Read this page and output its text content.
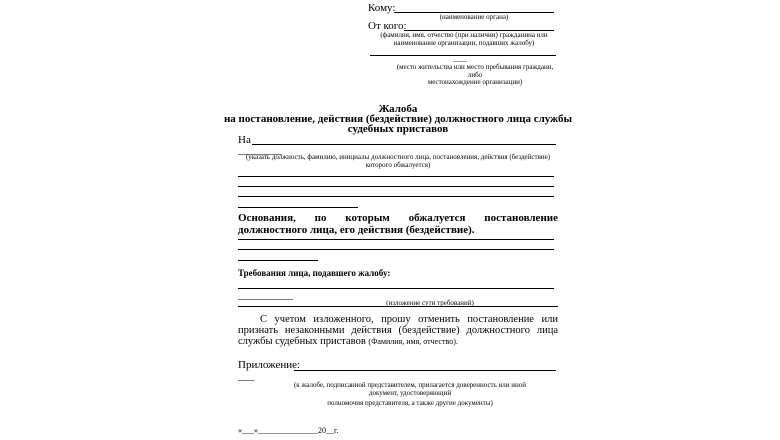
Кому:
(наименование органа)
От кого:
(фамилия, имя, отчество (при наличии) гражданина или наименование организации, подавших жалобу)
____
(место жительства или место пребывания граждани,
либо
местонахождение организации)
Жалоба
на постановление, действия (бездействие) должностного лица службы
судебных приставов
На
________
(указать должность, фамилию, инициалы должностного лица, постановления, действия (бездействие) которого обжалуется)
Основания, по которым обжалуется постановление должностного лица, его действия (бездействие).
Требования лица, подавшего жалобу:
__________
(изложение сути требований)
С учетом изложенного, прошу отменить постановление или признать незаконными действия (бездействие) должностного лица службы судебных приставов (Фамилия, имя, отчество).
Приложение:
___
(к жалобе, подписанной представителем, прилагается доверенность или иной
документ, удостоверяющий
полномочия представителя, а также другие документы)
«___»_______________20__г.
